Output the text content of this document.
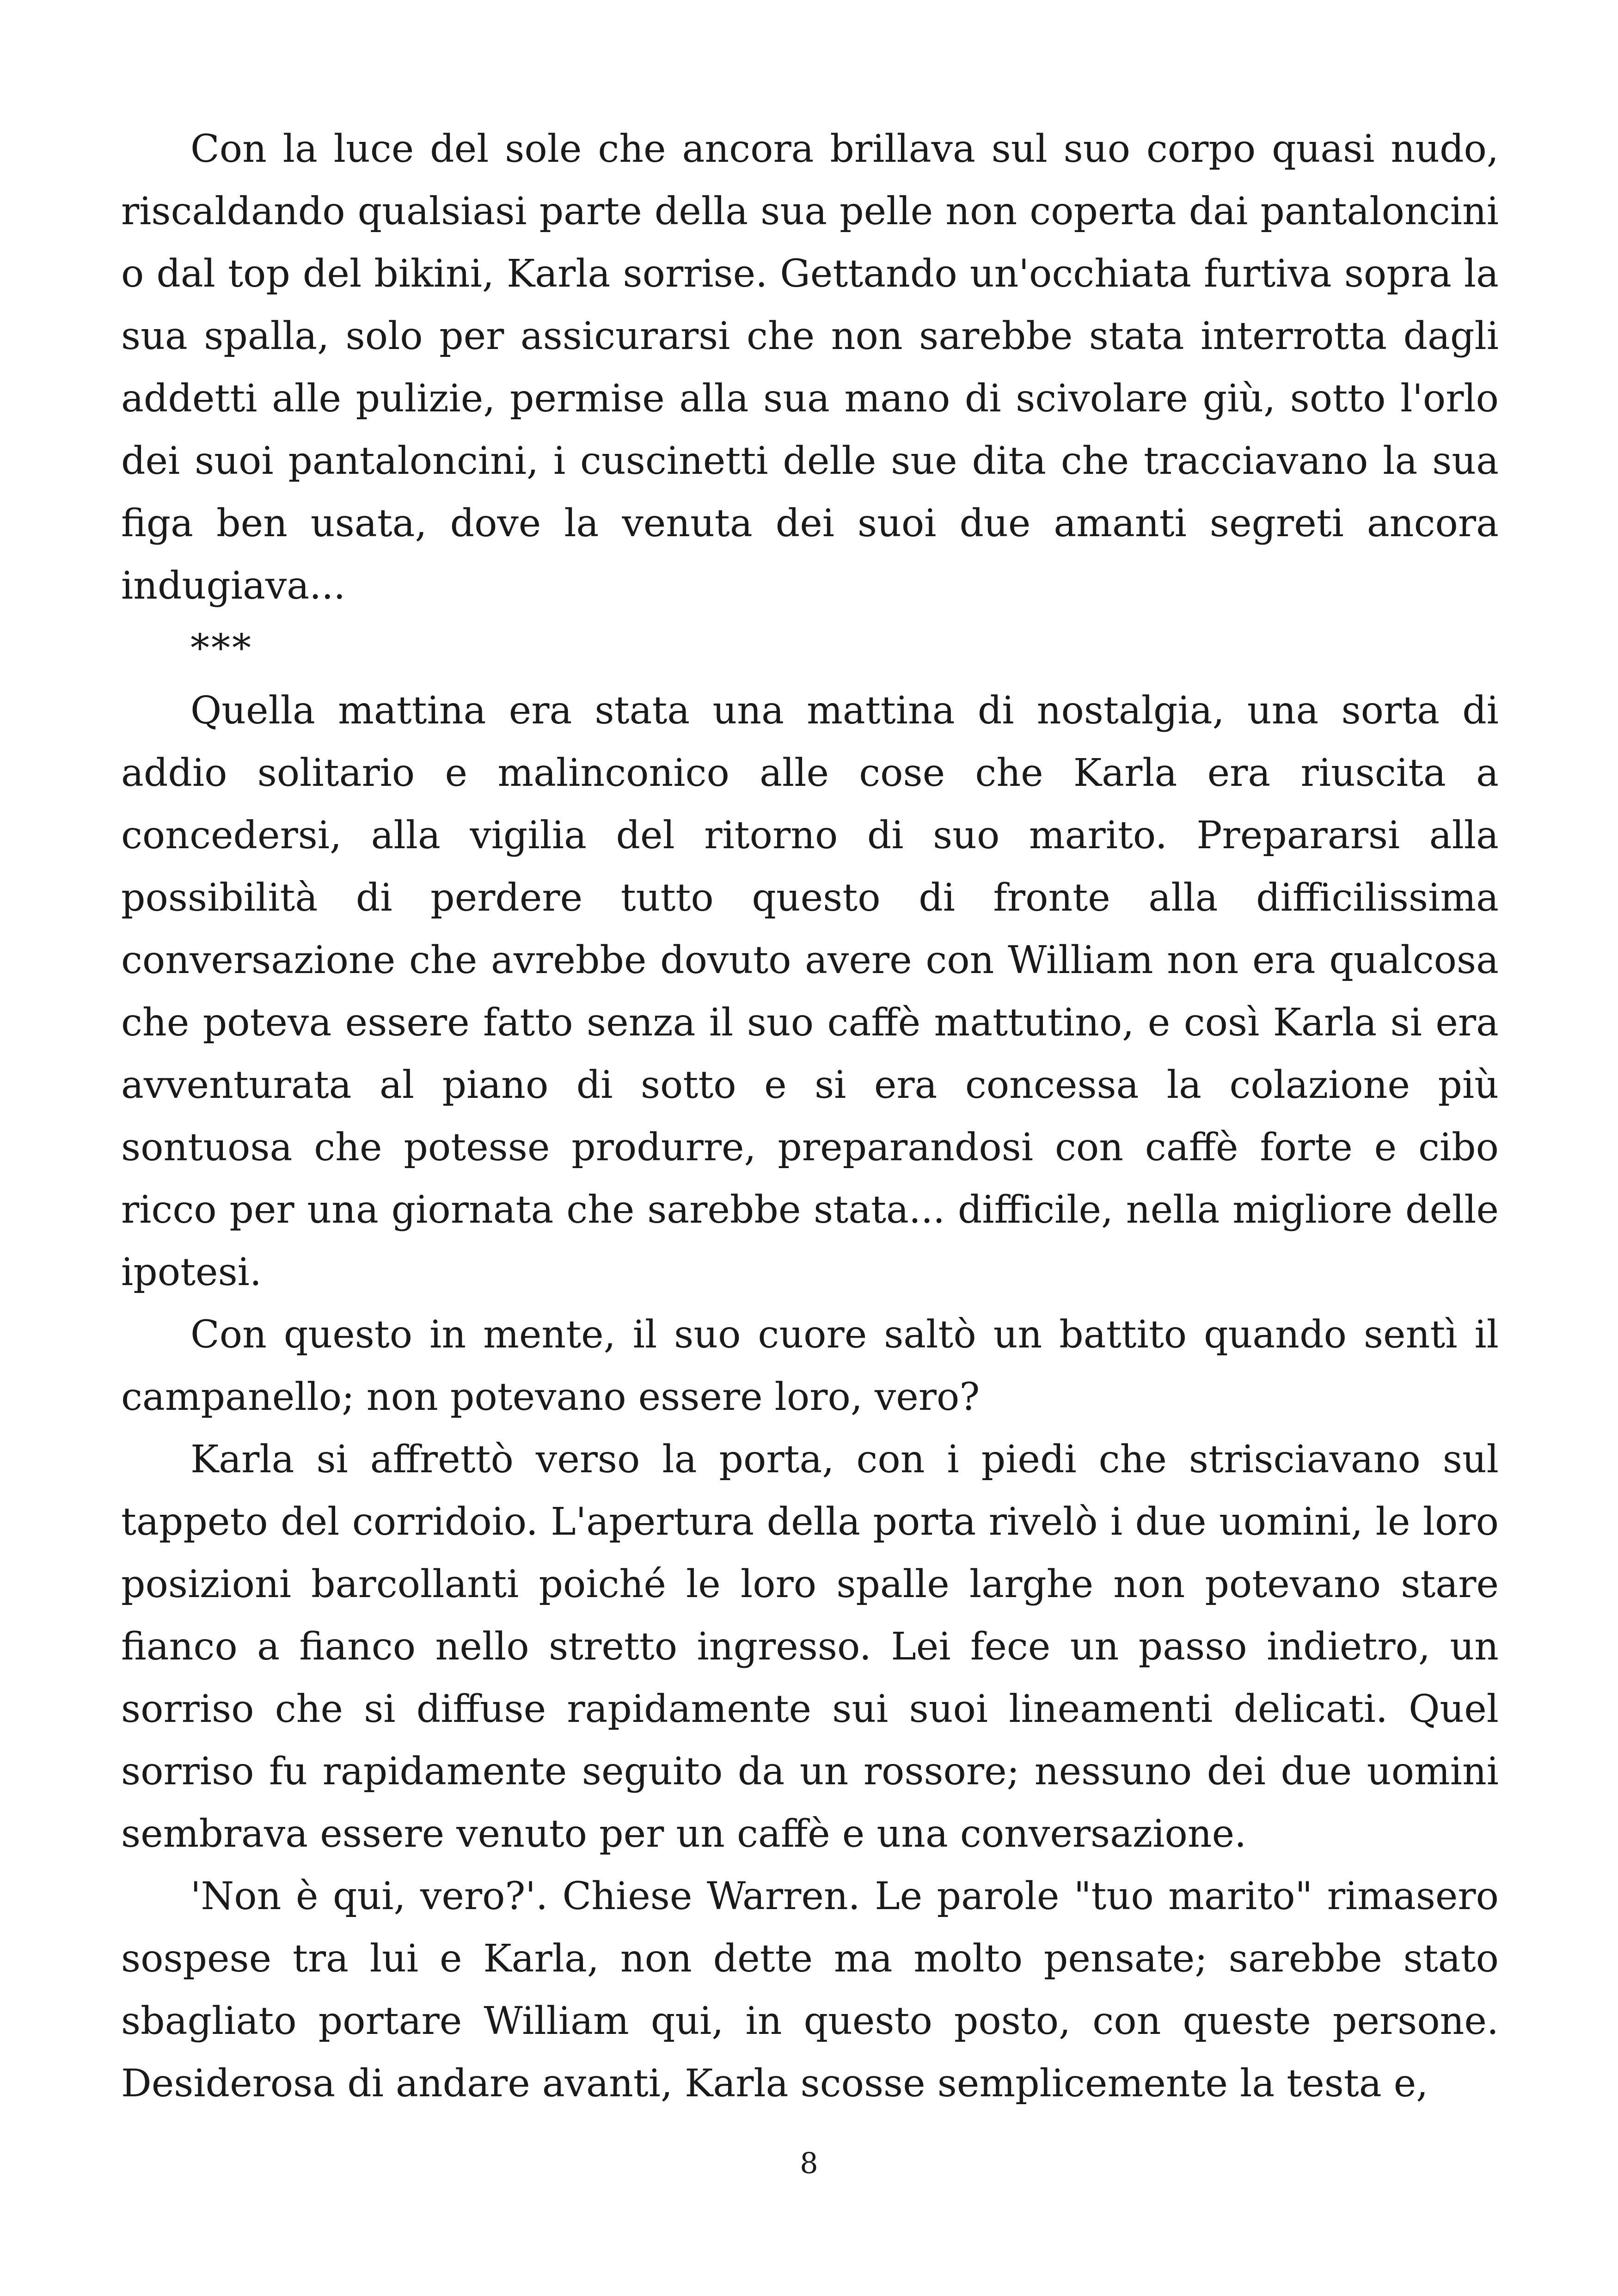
Con la luce del sole che ancora brillava sul suo corpo quasi nudo, riscaldando qualsiasi parte della sua pelle non coperta dai pantaloncini o dal top del bikini, Karla sorrise. Gettando un'occhiata furtiva sopra la sua spalla, solo per assicurarsi che non sarebbe stata interrotta dagli addetti alle pulizie, permise alla sua mano di scivolare giù, sotto l'orlo dei suoi pantaloncini, i cuscinetti delle sue dita che tracciavano la sua figa ben usata, dove la venuta dei suoi due amanti segreti ancora indugiava...

***

Quella mattina era stata una mattina di nostalgia, una sorta di addio solitario e malinconico alle cose che Karla era riuscita a concedersi, alla vigilia del ritorno di suo marito. Prepararsi alla possibilità di perdere tutto questo di fronte alla difficilissima conversazione che avrebbe dovuto avere con William non era qualcosa che poteva essere fatto senza il suo caffè mattutino, e così Karla si era avventurata al piano di sotto e si era concessa la colazione più sontuosa che potesse produrre, preparandosi con caffè forte e cibo ricco per una giornata che sarebbe stata... difficile, nella migliore delle ipotesi.

Con questo in mente, il suo cuore saltò un battito quando sentì il campanello; non potevano essere loro, vero?

Karla si affrettò verso la porta, con i piedi che strisciavano sul tappeto del corridoio. L'apertura della porta rivelò i due uomini, le loro posizioni barcollanti poiché le loro spalle larghe non potevano stare fianco a fianco nello stretto ingresso. Lei fece un passo indietro, un sorriso che si diffuse rapidamente sui suoi lineamenti delicati. Quel sorriso fu rapidamente seguito da un rossore; nessuno dei due uomini sembrava essere venuto per un caffè e una conversazione.

'Non è qui, vero?'. Chiese Warren. Le parole "tuo marito" rimasero sospese tra lui e Karla, non dette ma molto pensate; sarebbe stato sbagliato portare William qui, in questo posto, con queste persone. Desiderosa di andare avanti, Karla scosse semplicemente la testa e,

8
